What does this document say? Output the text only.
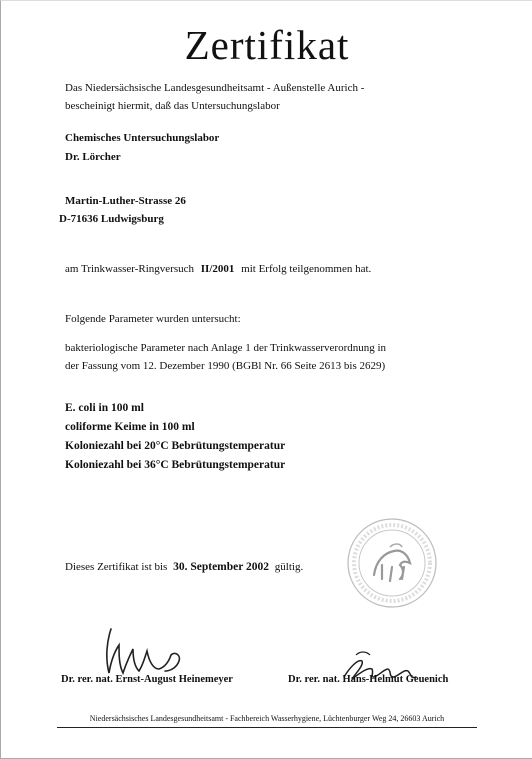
Zertifikat
Das Niedersächsische Landesgesundheitsamt - Außenstelle Aurich -
bescheinigt hiermit, daß das Untersuchungslabor
Chemisches Untersuchungslabor
Dr. Lörcher
Martin-Luther-Strasse 26
D-71636 Ludwigsburg
am Trinkwasser-Ringversuch II/2001 mit Erfolg teilgenommen hat.
Folgende Parameter wurden untersucht:
bakteriologische Parameter nach Anlage 1 der Trinkwasserverordnung in
der Fassung vom 12. Dezember 1990 (BGBl Nr. 66 Seite 2613 bis 2629)
E. coli in 100 ml
coliforme Keime in 100 ml
Koloniezahl bei 20°C Bebrütungstemperatur
Koloniezahl bei 36°C Bebrütungstemperatur
Dieses Zertifikat ist bis 30. September 2002 gültig.
Dr. rer. nat. Ernst-August Heinemeyer	Dr. rer. nat. Hans-Helmut Geuenich
Niedersächsisches Landesgesundheitsamt - Fachbereich Wasserhygiene, Lüchtenburger Weg 24, 26603 Aurich
